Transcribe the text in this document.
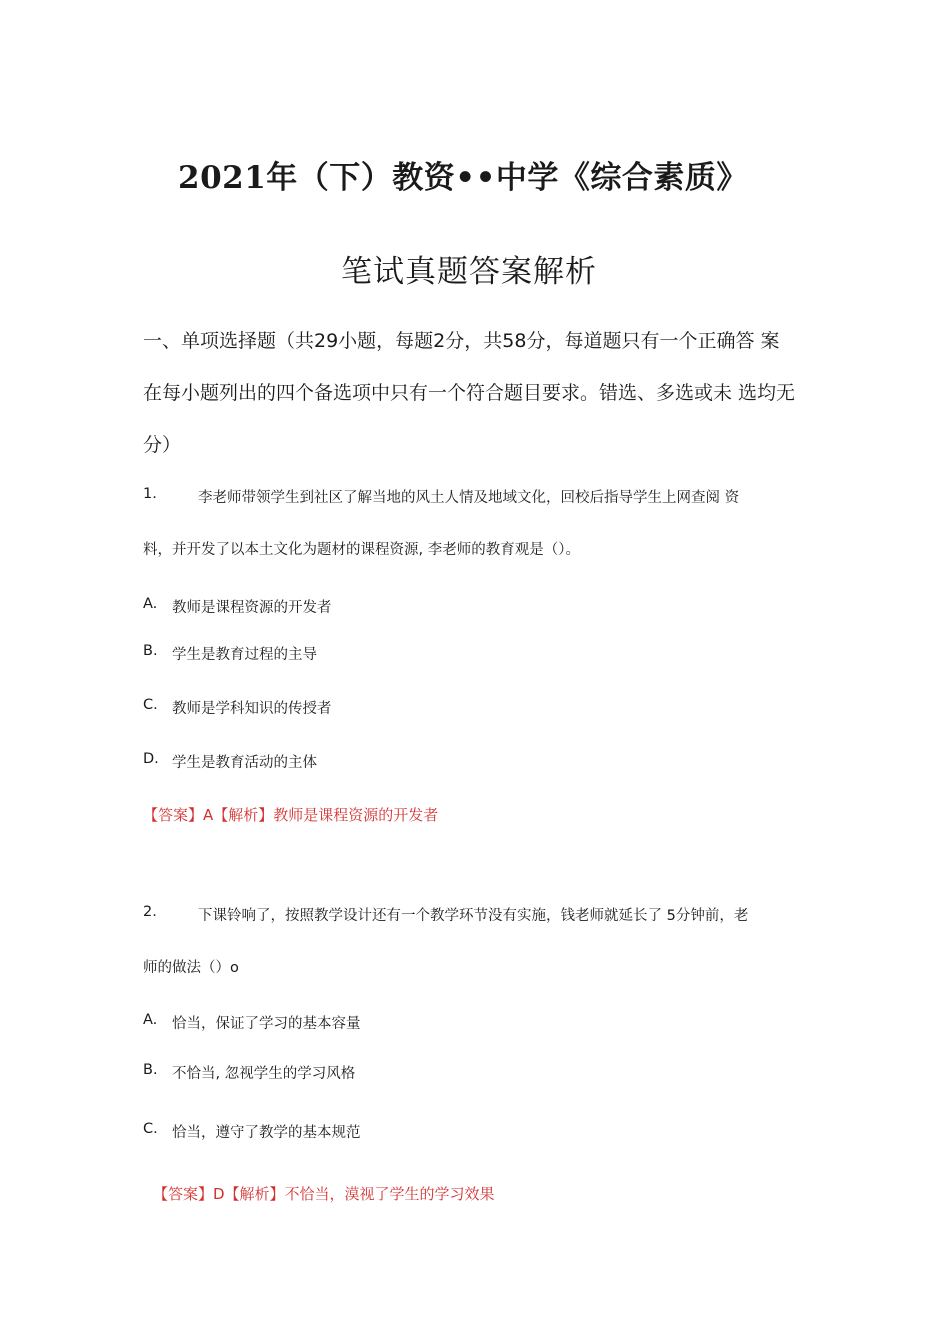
2021年（下）教资••中学《综合素质》
笔试真题答案解析
一、单项选择题（共29小题，每题2分，共58分，每道题只有一个正确答 案
在每小题列出的四个备选项中只有一个符合题目要求。错选、多选或未 选均无
分）
1.	李老师带领学生到社区了解当地的风土人情及地域文化，回校后指导学生上网查阅 资
料，并开发了以本土文化为题材的课程资源, 李老师的教育观是（）。
A. 教师是课程资源的开发者
B. 学生是教育过程的主导
C. 教师是学科知识的传授者
D. 学生是教育活动的主体
【答案】A【解析】教师是课程资源的开发者
2.	下课铃响了，按照教学设计还有一个教学环节没有实施，钱老师就延长了 5分钟前，老
师的做法（）o
A. 恰当，保证了学习的基本容量
B. 不恰当, 忽视学生的学习风格
C. 恰当，遵守了教学的基本规范
【答案】D【解析】不恰当，漠视了学生的学习效果
